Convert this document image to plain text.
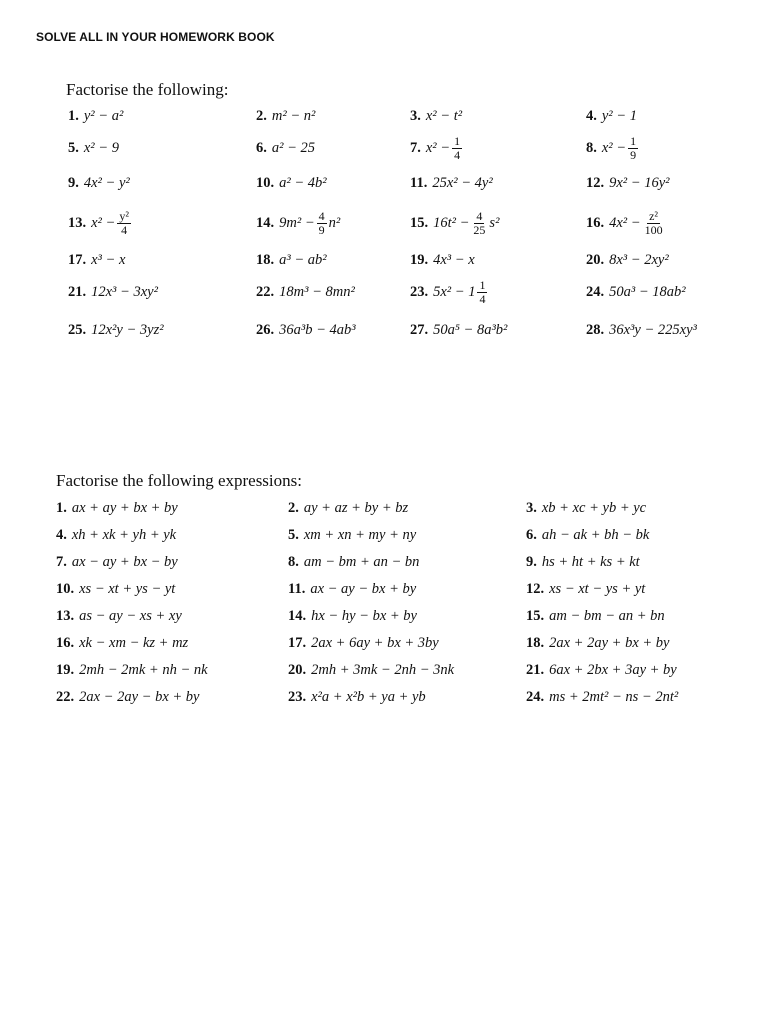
SOLVE ALL IN YOUR HOMEWORK BOOK
Factorise the following:
1. y² − a²	2. m² − n²	3. x² − t²	4. y² − 1
5. x² − 9	6. a² − 25	7. $x^2 - \frac{1}{4}$	8. $x^2 - \frac{1}{9}$
9. 4x² − y²	10. a² − 4b²	11. 25x² − 4y²	12. 9x² − 16y²
13. $x^2 - \frac{\text{y²}}{4}$	14. $9m^2 - \frac{4}{9} n^2$	15. $16t^2 - \frac{4}{25} s^2$	16. $4x^2 - \frac{\text{z²}}{100}$
17. x³ − x	18. a³ − ab²	19. 4x³ − x	20. 8x³ − 2xy²
21. 12x³ − 3xy²	22. 18m³ − 8mn²	23. $5x^2 - 1 \frac{1}{4}$	24. 50a³ − 18ab²
25. 12x²y − 3yz²	26. 36a³b − 4ab³	27. 50a⁵ − 8a³b²	28. 36x³y − 225xy³
Factorise the following expressions:
1. ax + ay + bx + by	2. ay + az + by + bz	3. xb + xc + yb + yc
4. xh + xk + yh + yk	5. xm + xn + my + ny	6. ah − ak + bh − bk
7. ax − ay + bx − by	8. am − bm + an − bn	9. hs + ht + ks + kt
10. xs − xt + ys − yt	11. ax − ay − bx + by	12. xs − xt − ys + yt
13. as − ay − xs + xy	14. hx − hy − bx + by	15. am − bm − an + bn
16. xk − xm − kz + mz	17. 2ax + 6ay + bx + 3by	18. 2ax + 2ay + bx + by
19. 2mh − 2mk + nh − nk	20. 2mh + 3mk − 2nh − 3nk	21. 6ax + 2bx + 3ay + by
22. 2ax − 2ay − bx + by	23. x²a + x²b + ya + yb	24. ms + 2mt² − ns − 2nt²
